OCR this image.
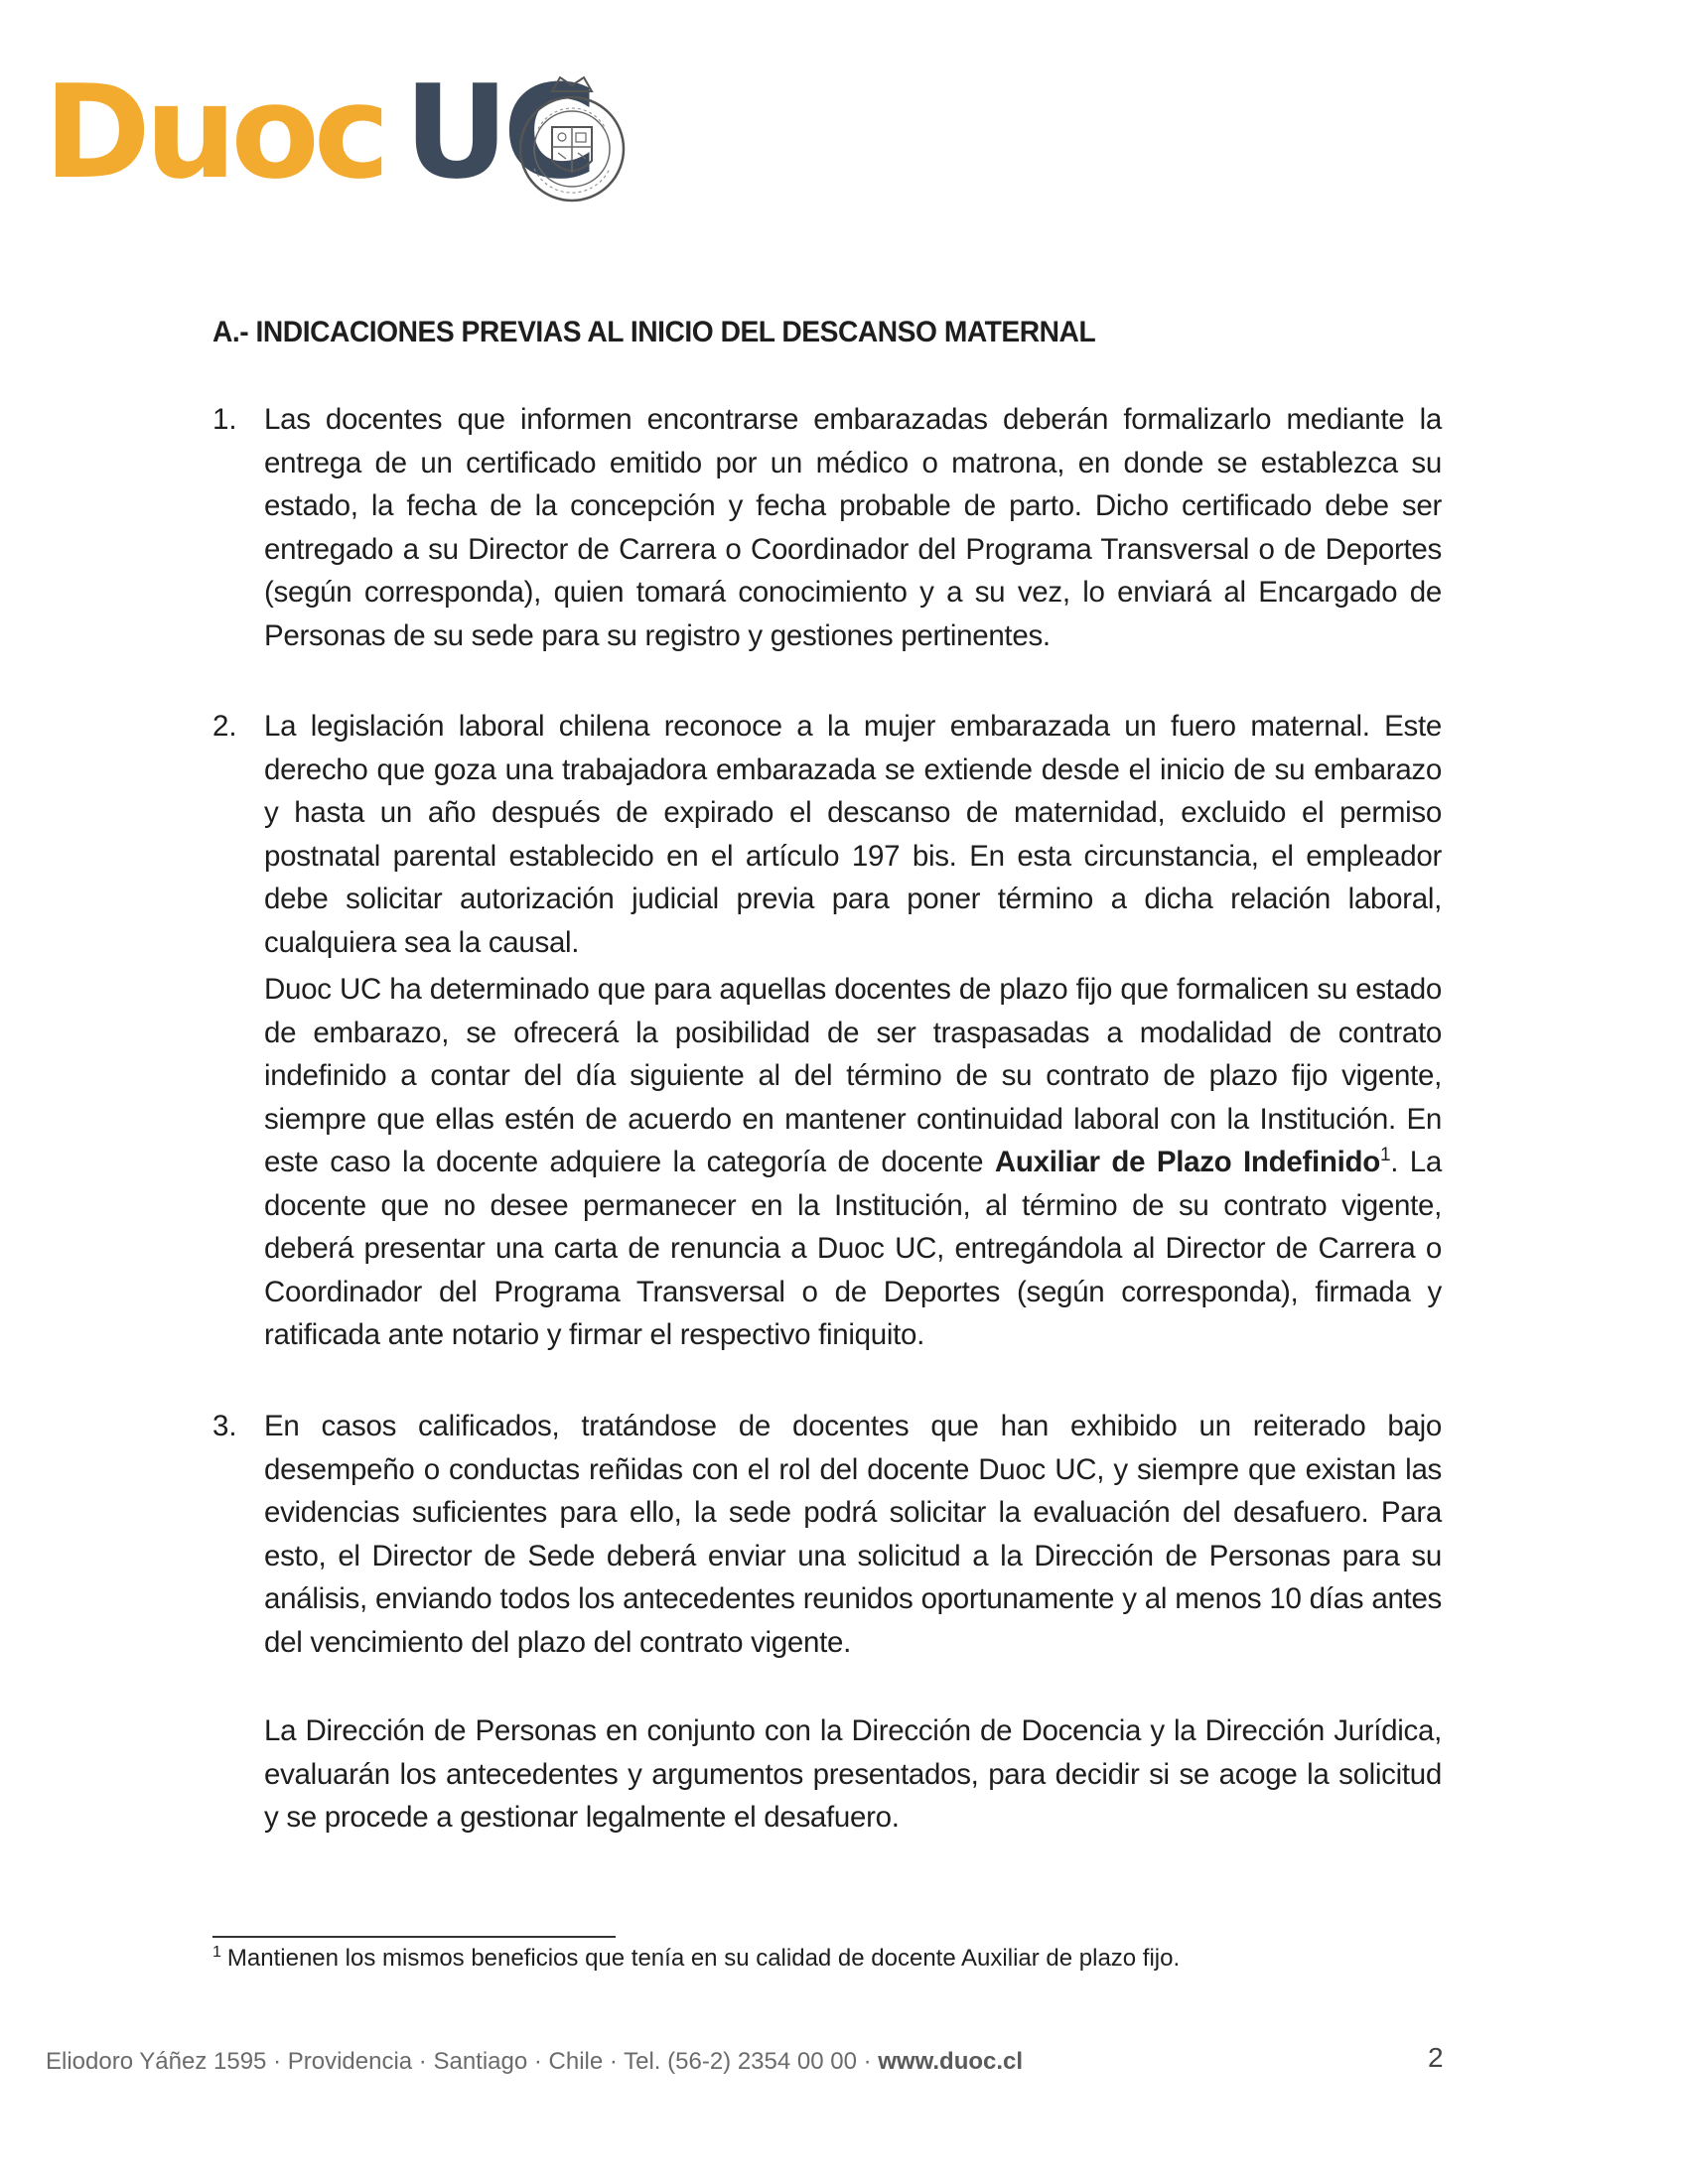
Duoc UC
A.- INDICACIONES PREVIAS AL INICIO DEL DESCANSO MATERNAL
1. Las docentes que informen encontrarse embarazadas deberán formalizarlo mediante la entrega de un certificado emitido por un médico o matrona, en donde se establezca su estado, la fecha de la concepción y fecha probable de parto. Dicho certificado debe ser entregado a su Director de Carrera o Coordinador del Programa Transversal o de Deportes (según corresponda), quien tomará conocimiento y a su vez, lo enviará al Encargado de Personas de su sede para su registro y gestiones pertinentes.
2. La legislación laboral chilena reconoce a la mujer embarazada un fuero maternal. Este derecho que goza una trabajadora embarazada se extiende desde el inicio de su embarazo y hasta un año después de expirado el descanso de maternidad, excluido el permiso postnatal parental establecido en el artículo 197 bis. En esta circunstancia, el empleador debe solicitar autorización judicial previa para poner término a dicha relación laboral, cualquiera sea la causal.
Duoc UC ha determinado que para aquellas docentes de plazo fijo que formalicen su estado de embarazo, se ofrecerá la posibilidad de ser traspasadas a modalidad de contrato indefinido a contar del día siguiente al del término de su contrato de plazo fijo vigente, siempre que ellas estén de acuerdo en mantener continuidad laboral con la Institución. En este caso la docente adquiere la categoría de docente Auxiliar de Plazo Indefinido$^1$. La docente que no desee permanecer en la Institución, al término de su contrato vigente, deberá presentar una carta de renuncia a Duoc UC, entregándola al Director de Carrera o Coordinador del Programa Transversal o de Deportes (según corresponda), firmada y ratificada ante notario y firmar el respectivo finiquito.
3. En casos calificados, tratándose de docentes que han exhibido un reiterado bajo desempeño o conductas reñidas con el rol del docente Duoc UC, y siempre que existan las evidencias suficientes para ello, la sede podrá solicitar la evaluación del desafuero. Para esto, el Director de Sede deberá enviar una solicitud a la Dirección de Personas para su análisis, enviando todos los antecedentes reunidos oportunamente y al menos 10 días antes del vencimiento del plazo del contrato vigente.
La Dirección de Personas en conjunto con la Dirección de Docencia y la Dirección Jurídica, evaluarán los antecedentes y argumentos presentados, para decidir si se acoge la solicitud y se procede a gestionar legalmente el desafuero.
$^1$ Mantienen los mismos beneficios que tenía en su calidad de docente Auxiliar de plazo fijo.
Eliodoro Yáñez 1595 · Providencia · Santiago · Chile · Tel. (56-2) 2354 00 00 · www.duoc.cl	2
